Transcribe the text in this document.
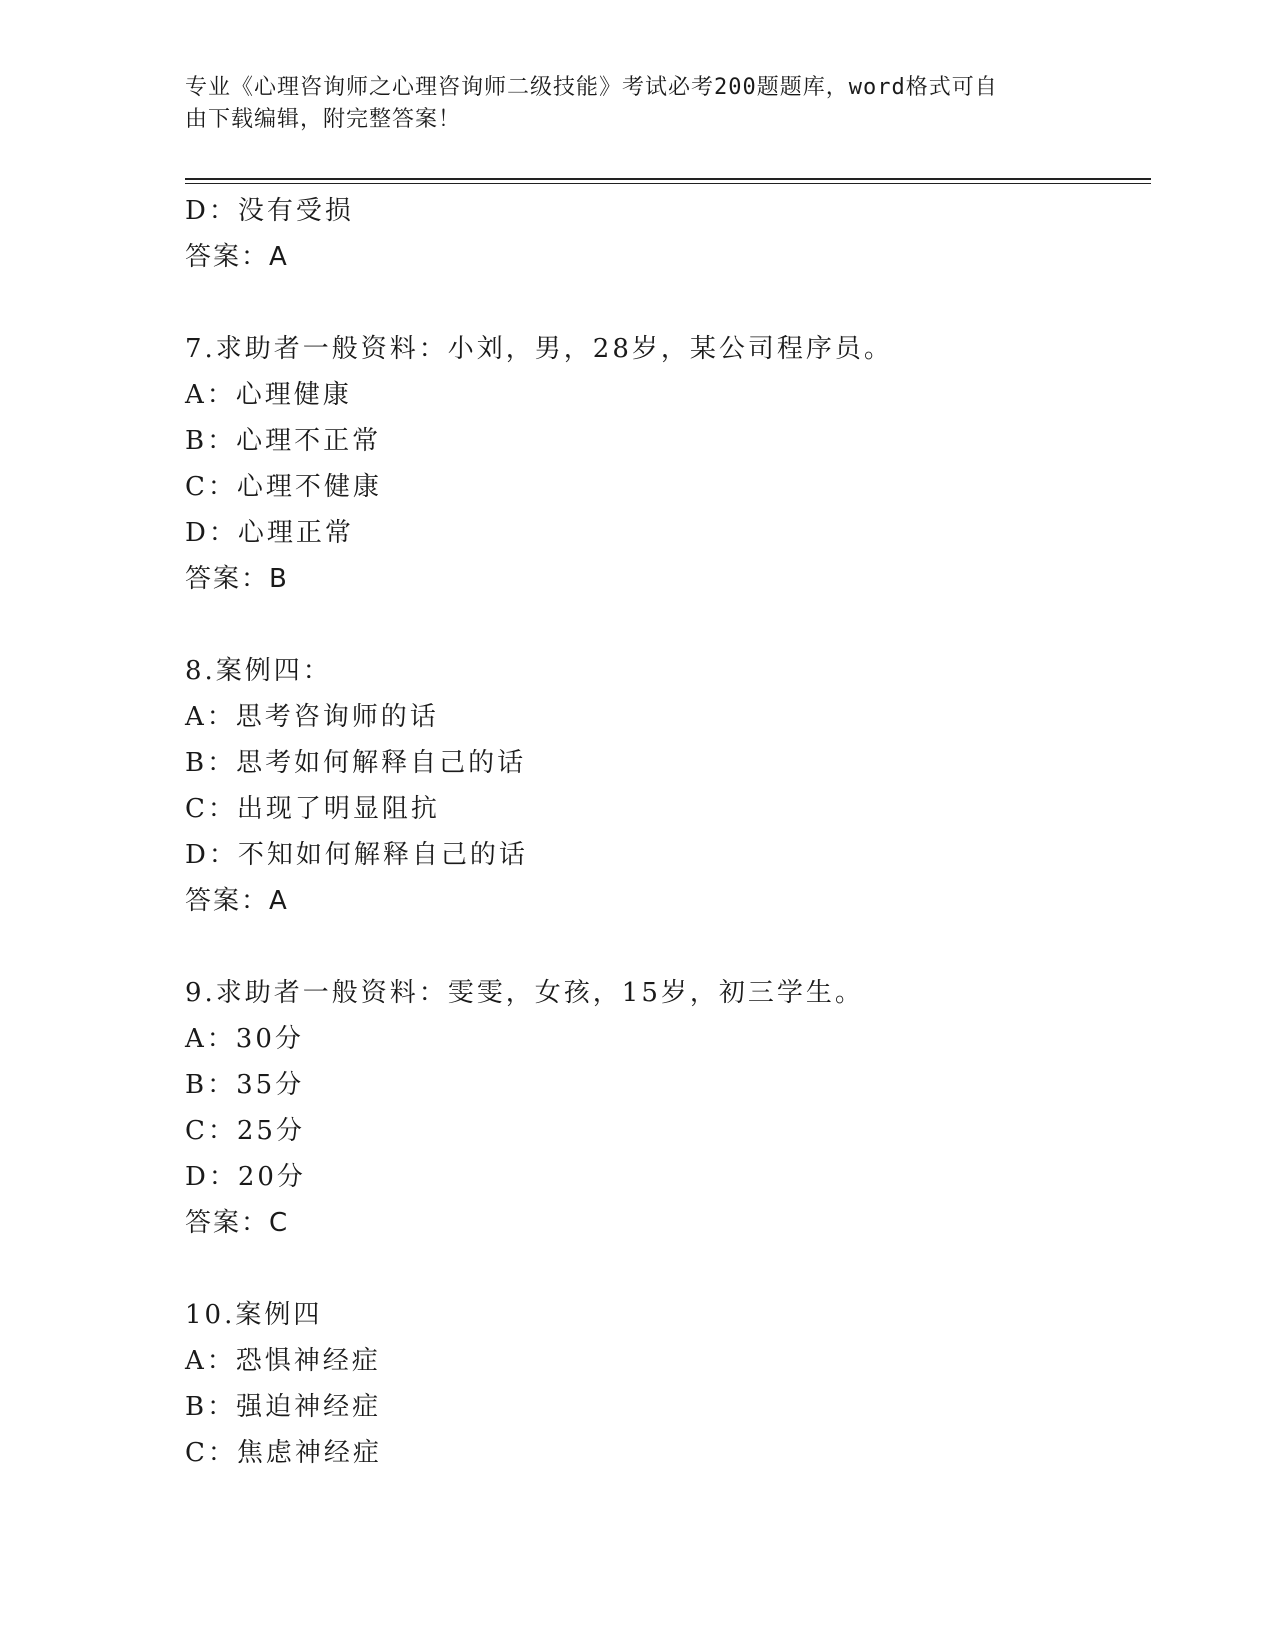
专业《心理咨询师之心理咨询师二级技能》考试必考200题题库，word格式可自
由下载编辑，附完整答案！
D：没有受损
答案：A
7.求助者一般资料：小刘，男，28岁，某公司程序员。
A：心理健康
B：心理不正常
C：心理不健康
D：心理正常
答案：B
8.案例四：
A：思考咨询师的话
B：思考如何解释自己的话
C：出现了明显阻抗
D：不知如何解释自己的话
答案：A
9.求助者一般资料：雯雯，女孩，15岁，初三学生。
A：30分
B：35分
C：25分
D：20分
答案：C
10.案例四
A：恐惧神经症
B：强迫神经症
C：焦虑神经症
